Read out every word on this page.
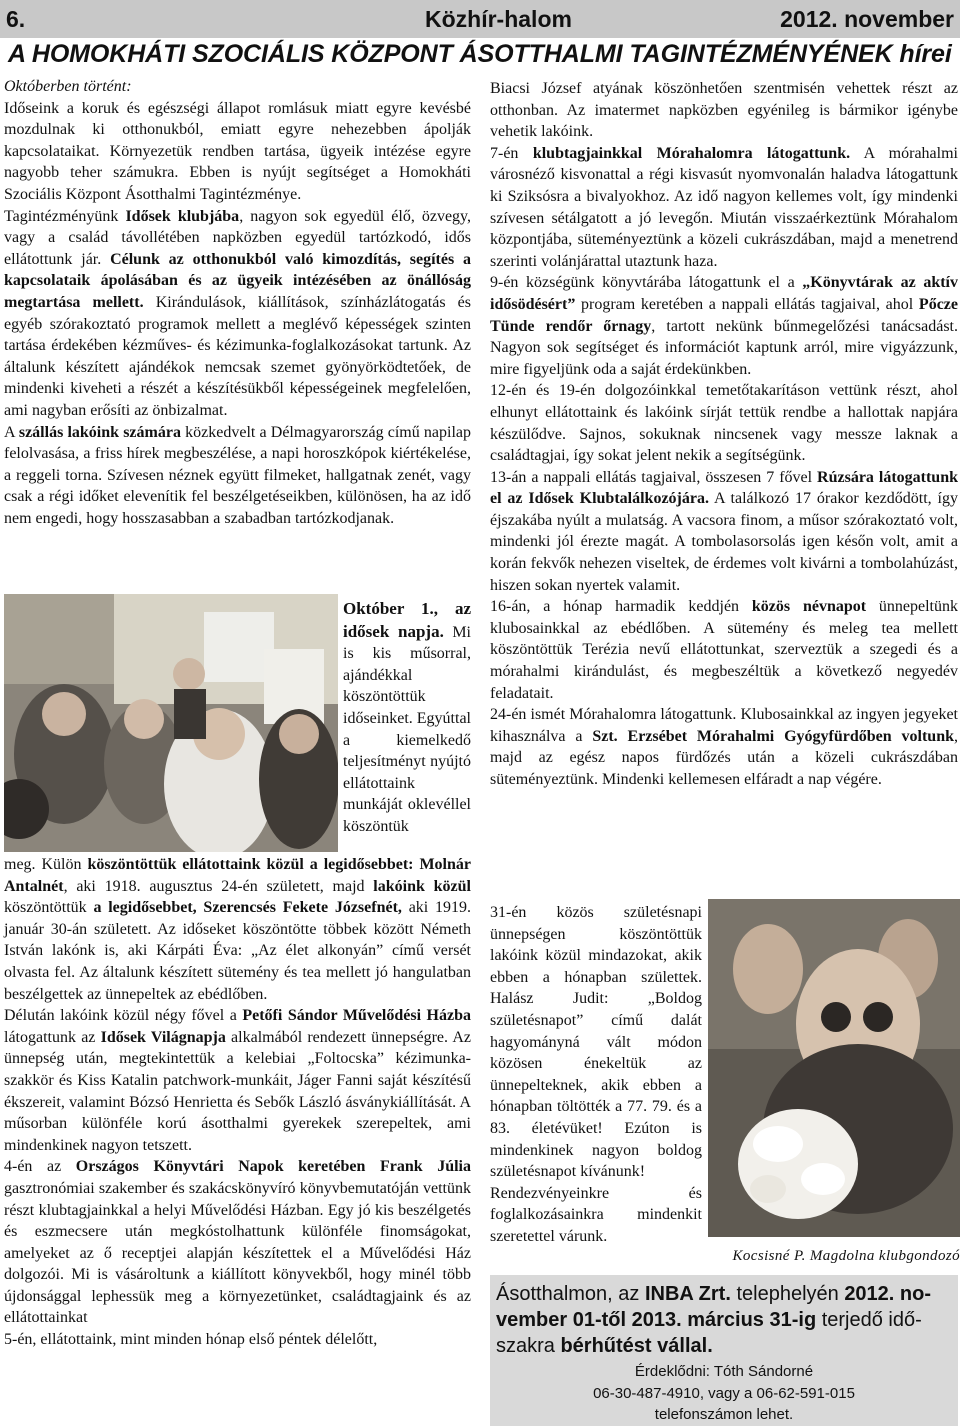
6.	Közhír-halom	2012. november
A HOMOKHÁTI SZOCIÁLIS KÖZPONT ÁSOTTHALMI TAGINTÉZMÉNYÉNEK hírei

Októberben történt:

Időseink a koruk és egészségi állapot romlásuk miatt egyre kevésbé mozdulnak ki otthonukból, emiatt egyre nehezebben ápolják kapcsolataikat. Környezetük rendben tartása, ügyeik intézése egyre nagyobb teher számukra. Ebben is nyújt segítséget a Homokháti Szociális Központ Ásotthalmi Tagintézménye.

Tagintézményünk Idősek klubjába, nagyon sok egyedül élő, özvegy, vagy a család távollétében napközben egyedül tartózkodó, idős ellátottunk jár. Célunk az otthonukból való kimozdítás, segítés a kapcsolataik ápolásában és az ügyeik intézésében az önállóság megtartása mellett. Kirándulások, kiállítások, színházlátogatás és egyéb szórakoztató programok mellett a meglévő képességek szinten tartása érdekében kézműves- és kézimunka-foglalkozásokat tartunk. Az általunk készített ajándékok nemcsak szemet gyönyörködtetőek, de mindenki kiveheti a részét a készítésükből képességeinek megfelelően, ami nagyban erősíti az önbizalmat.

A szállás lakóink számára közkedvelt a Délmagyarország című napilap felolvasása, a friss hírek megbeszélése, a napi horoszkópok kiértékelése, a reggeli torna. Szívesen néznek együtt filmeket, hallgatnak zenét, vagy csak a régi időket elevenítik fel beszélgetéseikben, különösen, ha az idő nem engedi, hogy hosszasabban a szabadban tartózkodjanak.

Október 1., az idősek napja. Mi is kis műsorral, ajándékkal köszöntöttük időseinket. Egyúttal a kiemelkedő teljesítményt nyújtó ellátottaink munkáját oklevéllel köszöntük

meg. Külön köszöntöttük ellátottaink közül a legidősebbet: Molnár Antalnét, aki 1918. augusztus 24-én született, majd lakóink közül köszöntöttük a legidősebbet, Szerencsés Fekete Józsefnét, aki 1919. január 30-án született. Az időseket köszöntötte többek között Németh István lakónk is, aki Kárpáti Éva: „Az élet alkonyán” című versét olvasta fel. Az általunk készített sütemény és tea mellett jó hangulatban beszélgettek az ünnepeltek az ebédlőben.

Délután lakóink közül négy fővel a Petőfi Sándor Művelődési Házba látogattunk az Idősek Világnapja alkalmából rendezett ünnepségre. Az ünnepség után, megtekintettük a kelebiai „Foltocska” kézimunka-szakkör és Kiss Katalin patchwork-munkáit, Jáger Fanni saját készítésű ékszereit, valamint Bózsó Henrietta és Sebők László ásványkiállítását. A műsorban különféle korú ásotthalmi gyerekek szerepeltek, ami mindenkinek nagyon tetszett.

4-én az Országos Könyvtári Napok keretében Frank Júlia gasztronómiai szakember és szakácskönyvíró könyvbemutatóján vettünk részt klubtagjainkkal a helyi Művelődési Házban. Egy jó kis beszélgetés és eszmecsere után megkóstolhattunk különféle finomságokat, amelyeket az ő receptjei alapján készítettek el a Művelődési Ház dolgozói. Mi is vásároltunk a kiállított könyvekből, hogy minél több újdonsággal lephessük meg a környezetünket, családtagjaink és az ellátottainkat

5-én, ellátottaink, mint minden hónap első péntek délelőtt,

Biacsi József atyának köszönhetően szentmisén vehettek részt az otthonban. Az imatermet napközben egyénileg is bármikor igénybe vehetik lakóink.

7-én klubtagjainkkal Mórahalomra látogattunk. A mórahalmi városnéző kisvonattal a régi kisvasút nyomvonalán haladva látogattunk ki Sziksósra a bivalyokhoz. Az idő nagyon kellemes volt, így mindenki szívesen sétálgatott a jó levegőn. Miután visszaérkeztünk Mórahalom központjába, süteményeztünk a közeli cukrászdában, majd a menetrend szerinti volánjárattal utaztunk haza.

9-én községünk könyvtárába látogattunk el a „Könyvtárak az aktív idősödésért” program keretében a nappali ellátás tagjaival, ahol Pőcze Tünde rendőr őrnagy, tartott nekünk bűnmegelőzési tanácsadást. Nagyon sok segítséget és információt kaptunk arról, mire vigyázzunk, mire figyeljünk oda a saját érdekünkben.

12-én és 19-én dolgozóinkkal temetőtakarításon vettünk részt, ahol elhunyt ellátottaink és lakóink sírját tettük rendbe a hallottak napjára készülődve. Sajnos, sokuknak nincsenek vagy messze laknak a családtagjai, így sokat jelent nekik a segítségünk.

13-án a nappali ellátás tagjaival, összesen 7 fővel Rúzsára látogattunk el az Idősek Klubtalálkozójára. A találkozó 17 órakor kezdődött, így éjszakába nyúlt a mulatság. A vacsora finom, a műsor szórakoztató volt, mindenki jól érezte magát. A tombolasorsolás igen későn volt, amit a korán fekvők nehezen viseltek, de érdemes volt kivárni a tombolahúzást, hiszen sokan nyertek valamit.

16-án, a hónap harmadik keddjén közös névnapot ünnepeltünk klubosainkkal az ebédlőben. A sütemény és meleg tea mellett köszöntöttük Terézia nevű ellátottunkat, szerveztük a szegedi és a mórahalmi kirándulást, és megbeszéltük a következő negyedév feladatait.

24-én ismét Mórahalomra látogattunk. Klubosainkkal az ingyen jegyeket kihasználva a Szt. Erzsébet Mórahalmi Gyógyfürdőben voltunk, majd az egész napos fürdőzés után a közeli cukrászdában süteményeztünk. Mindenki kellemesen elfáradt a nap végére.

31-én közös születésnapi ünnepségen köszöntöttük lakóink közül mindazokat, akik ebben a hónapban születtek. Halász Judit: „Boldog születésnapot” című dalát hagyományná vált módon közösen énekeltük az ünnepelteknek, akik ebben a hónapban töltötték a 77. 79. és a 83. életévüket! Ezúton is mindenkinek nagyon boldog születésnapot kívánunk!

Rendezvényeinkre és foglalkozásainkra mindenkit szeretettel várunk.

Kocsisné P. Magdolna klubgondozó
Ásotthalmon, az INBA Zrt. telephelyén 2012. no-
vember 01-től 2013. március 31-ig terjedő idő-
szakra bérhűtést vállal.
Érdeklődni: Tóth Sándorné
06-30-487-4910, vagy a 06-62-591-015
telefonszámon lehet.
